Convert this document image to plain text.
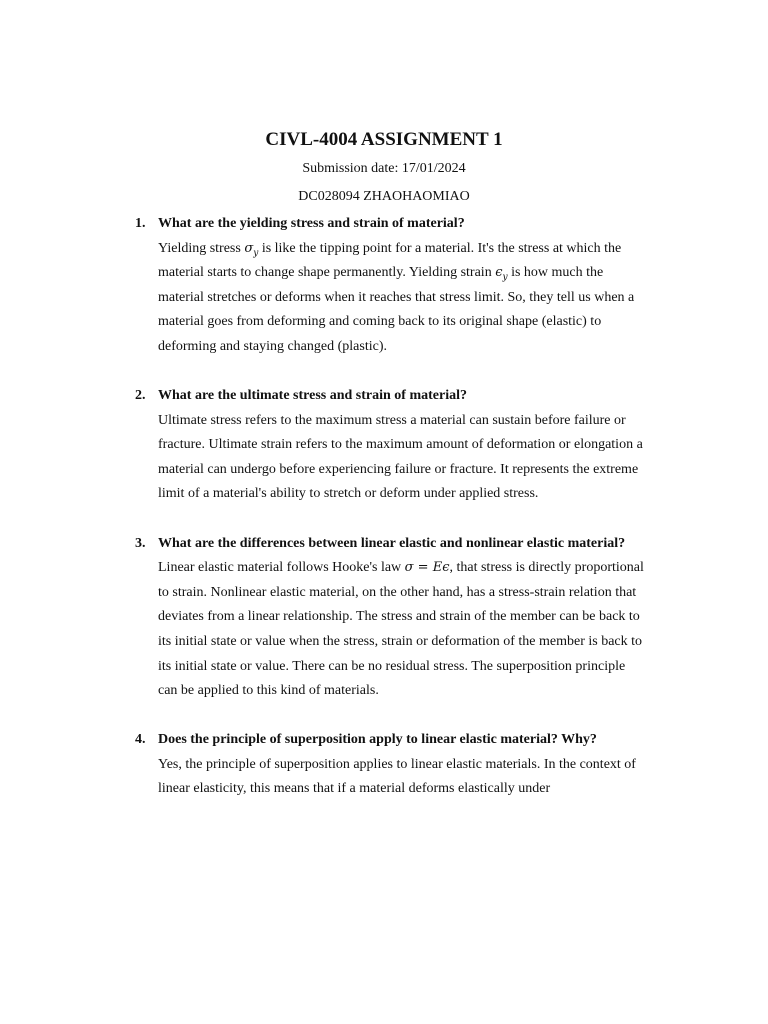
CIVL-4004 ASSIGNMENT 1

Submission date: 17/01/2024

DC028094 ZHAOHAOMIAO

1. What are the yielding stress and strain of material?

Yielding stress $\sigma_y$ is like the tipping point for a material. It's the stress at which the material starts to change shape permanently. Yielding strain $\epsilon_y$ is how much the material stretches or deforms when it reaches that stress limit. So, they tell us when a material goes from deforming and coming back to its original shape (elastic) to deforming and staying changed (plastic).

2. What are the ultimate stress and strain of material?

Ultimate stress refers to the maximum stress a material can sustain before failure or fracture. Ultimate strain refers to the maximum amount of deformation or elongation a material can undergo before experiencing failure or fracture. It represents the extreme limit of a material's ability to stretch or deform under applied stress.

3. What are the differences between linear elastic and nonlinear elastic material?

Linear elastic material follows Hooke's law σ = Eϵ, that stress is directly proportional to strain. Nonlinear elastic material, on the other hand, has a stress-strain relation that deviates from a linear relationship. The stress and strain of the member can be back to its initial state or value when the stress, strain or deformation of the member is back to its initial state or value. There can be no residual stress. The superposition principle can be applied to this kind of materials.

4. Does the principle of superposition apply to linear elastic material? Why?

Yes, the principle of superposition applies to linear elastic materials. In the context of linear elasticity, this means that if a material deforms elastically under
